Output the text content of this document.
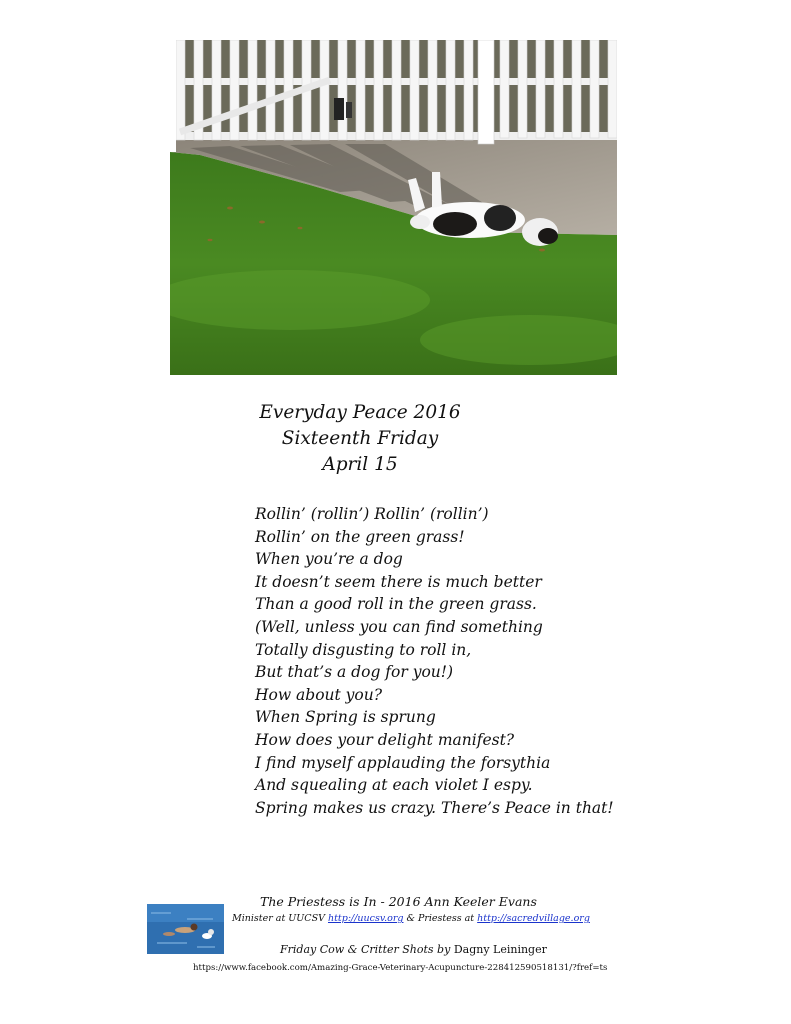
Everyday Peace 2016
Sixteenth Friday
April 15
Rollin’ (rollin’) Rollin’ (rollin’)
Rollin’ on the green grass!
When you’re a dog
It doesn’t seem there is much better
Than a good roll in the green grass.
(Well, unless you can find something
Totally disgusting to roll in,
But that’s a dog for you!)
How about you?
When Spring is sprung
How does your delight manifest?
I find myself applauding the forsythia
And squealing at each violet I espy.
Spring makes us crazy. There’s Peace in that!
The Priestess is In - 2016 Ann Keeler Evans
Minister at UUCSV http://uucsv.org & Priestess at http://sacredvillage.org
Friday Cow & Critter Shots by Dagny Leininger
https://www.facebook.com/Amazing-Grace-Veterinary-Acupuncture-228412590518131/?fref=ts
